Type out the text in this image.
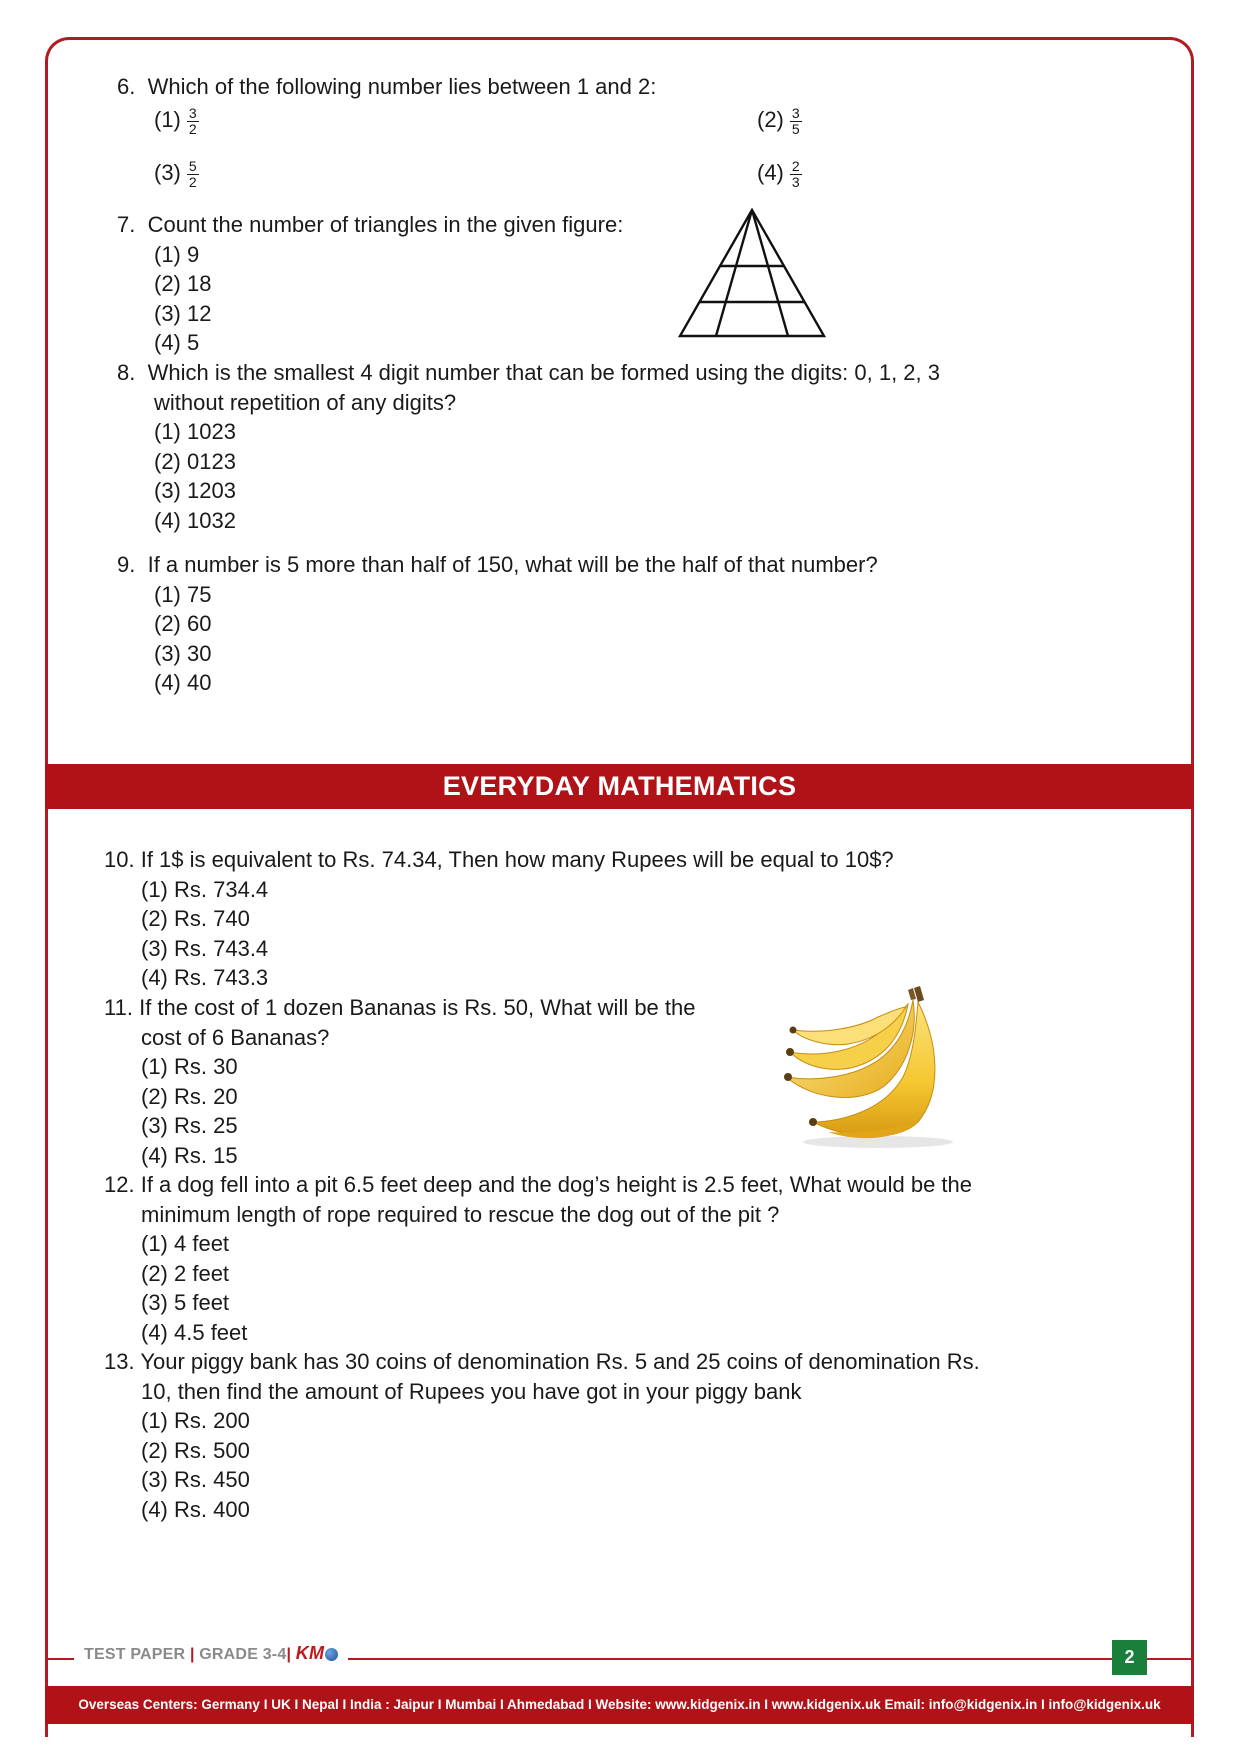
6. Which of the following number lies between 1 and 2:
$(1) \frac{3}{2}$	$(2) \frac{3}{5}$
$(3) \frac{5}{2}$	$(4) \frac{2}{3}$
7. Count the number of triangles in the given figure:
(1) 9
(2) 18
(3) 12
(4) 5
8. Which is the smallest 4 digit number that can be formed using the digits: 0, 1, 2, 3
without repetition of any digits?
(1) 1023
(2) 0123
(3) 1203
(4) 1032
9. If a number is 5 more than half of 150, what will be the half of that number?
(1) 75
(2) 60
(3) 30
(4) 40
EVERYDAY MATHEMATICS
10. If 1$ is equivalent to Rs. 74.34, Then how many Rupees will be equal to 10$?
(1) Rs. 734.4
(2) Rs. 740
(3) Rs. 743.4
(4) Rs. 743.3
11. If the cost of 1 dozen Bananas is Rs. 50, What will be the
cost of 6 Bananas?
(1) Rs. 30
(2) Rs. 20
(3) Rs. 25
(4) Rs. 15
12. If a dog fell into a pit 6.5 feet deep and the dog’s height is 2.5 feet, What would be the
minimum length of rope required to rescue the dog out of the pit ?
(1) 4 feet
(2) 2 feet
(3) 5 feet
(4) 4.5 feet
13. Your piggy bank has 30 coins of denomination Rs. 5 and 25 coins of denomination Rs.
10, then find the amount of Rupees you have got in your piggy bank
(1) Rs. 200
(2) Rs. 500
(3) Rs. 450
(4) Rs. 400
TEST PAPER | GRADE 3-4| KM	2
Overseas Centers: Germany I UK I Nepal I India : Jaipur I Mumbai I Ahmedabad I Website: www.kidgenix.in I www.kidgenix.uk Email: info@kidgenix.in I info@kidgenix.uk
